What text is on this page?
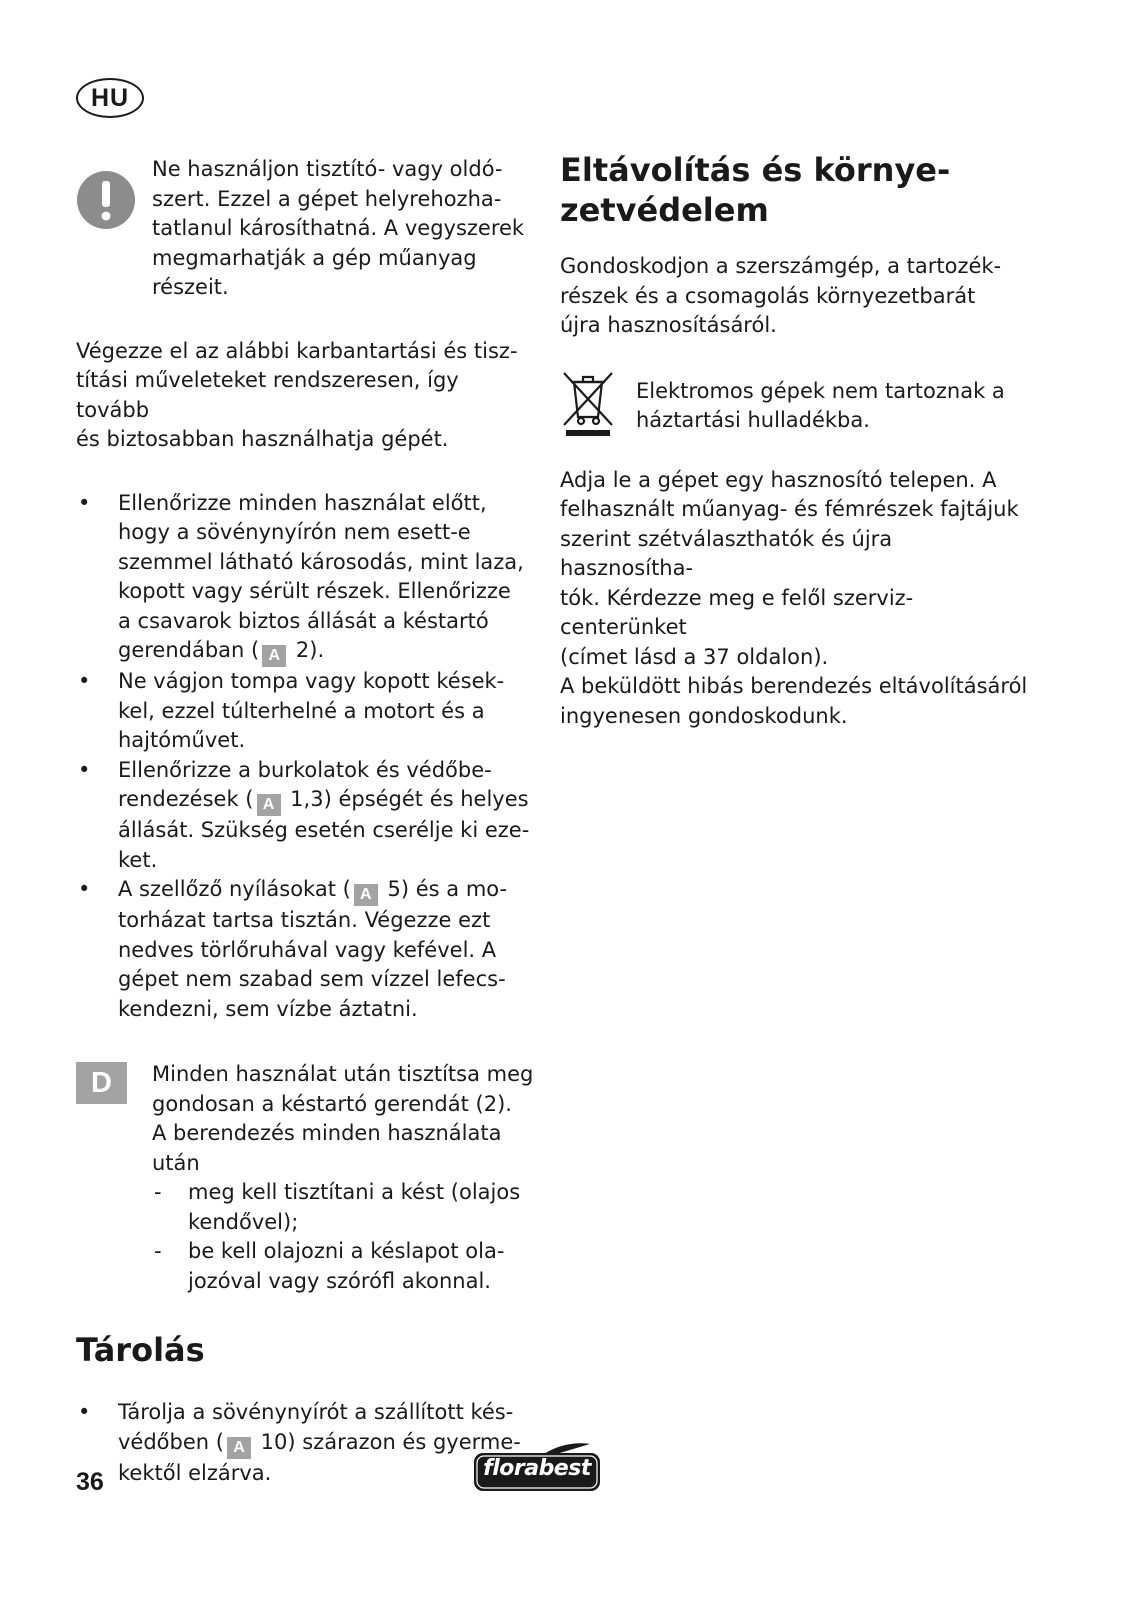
HU

Ne használjon tisztító- vagy oldó-
szert. Ezzel a gépet helyrehozha-
tatlanul károsíthatná. A vegyszerek
megmarhatják a gép műanyag
részeit.

Végezze el az alábbi karbantartási és tisz-
títási műveleteket rendszeresen, így tovább
és biztosabban használhatja gépét.

• Ellenőrizze minden használat előtt,
hogy a sövénynyírón nem esett-e
szemmel látható károsodás, mint laza,
kopott vagy sérült részek. Ellenőrizze
a csavarok biztos állását a késtartó
gerendában ( A 2).
• Ne vágjon tompa vagy kopott kések-
kel, ezzel túlterhelné a motort és a
hajtóművet.
• Ellenőrizze a burkolatok és védőbe-
rendezések ( A 1,3) épségét és helyes
állását. Szükség esetén cserélje ki eze-
ket.
• A szellőző nyílásokat ( A 5) és a mo-
torházat tartsa tisztán. Végezze ezt
nedves törlőruhával vagy kefével. A
gépet nem szabad sem vízzel lefecs-
kendezni, sem vízbe áztatni.
D	Minden használat után tisztítsa meg
gondosan a késtartó gerendát (2).
A berendezés minden használata
után

- meg kell tisztítani a kést (olajos
kendővel);
- be kell olajozni a késlapot ola-
jozóval vagy szórófl akonnal.
Tárolás
• Tárolja a sövénynyírót a szállított kés-
védőben ( A 10) szárazon és gyerme-
kektől elzárva.
Eltávolítás és környe-
zetvédelem

Gondoskodjon a szerszámgép, a tartozék-
részek és a csomagolás környezetbarát
újra hasznosításáról.

Elektromos gépek nem tartoznak a
háztartási hulladékba.

Adja le a gépet egy hasznosító telepen. A
felhasznált műanyag- és fémrészek fajtájuk
szerint szétválaszthatók és újra hasznosítha-
tók. Kérdezze meg e felől szerviz-centerünket
(címet lásd a 37 oldalon).
A beküldött hibás berendezés eltávolításáról
ingyenesen gondoskodunk.

36	florabest
